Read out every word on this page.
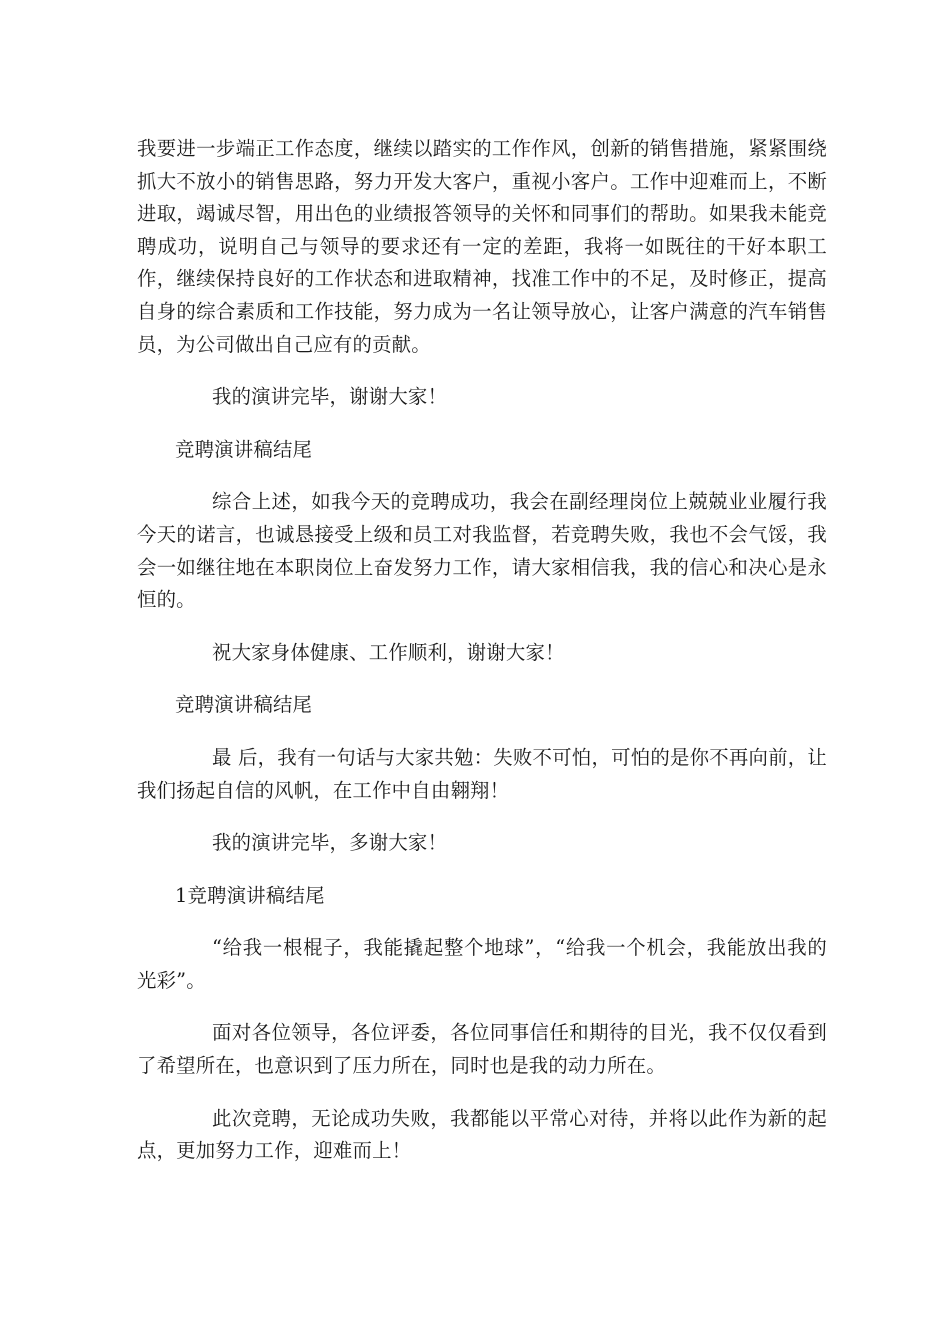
我要进一步端正工作态度，继续以踏实的工作作风，创新的销售措施，紧紧围绕抓大不放小的销售思路，努力开发大客户，重视小客户。工作中迎难而上，不断进取，竭诚尽智，用出色的业绩报答领导的关怀和同事们的帮助。如果我未能竞聘成功，说明自己与领导的要求还有一定的差距，我将一如既往的干好本职工作，继续保持良好的工作状态和进取精神，找准工作中的不足，及时修正，提高自身的综合素质和工作技能，努力成为一名让领导放心，让客户满意的汽车销售员，为公司做出自己应有的贡献。

我的演讲完毕，谢谢大家！

竞聘演讲稿结尾

综合上述，如我今天的竞聘成功，我会在副经理岗位上兢兢业业履行我今天的诺言，也诚恳接受上级和员工对我监督，若竞聘失败，我也不会气馁，我会一如继往地在本职岗位上奋发努力工作，请大家相信我，我的信心和决心是永恒的。

祝大家身体健康、工作顺利，谢谢大家！

竞聘演讲稿结尾

最 后，我有一句话与大家共勉：失败不可怕，可怕的是你不再向前，让我们扬起自信的风帆，在工作中自由翱翔！

我的演讲完毕，多谢大家！

1竞聘演讲稿结尾

“给我一根棍子，我能撬起整个地球”，“给我一个机会，我能放出我的光彩”。

面对各位领导，各位评委，各位同事信任和期待的目光，我不仅仅看到了希望所在，也意识到了压力所在，同时也是我的动力所在。

此次竞聘，无论成功失败，我都能以平常心对待，并将以此作为新的起点，更加努力工作，迎难而上！
